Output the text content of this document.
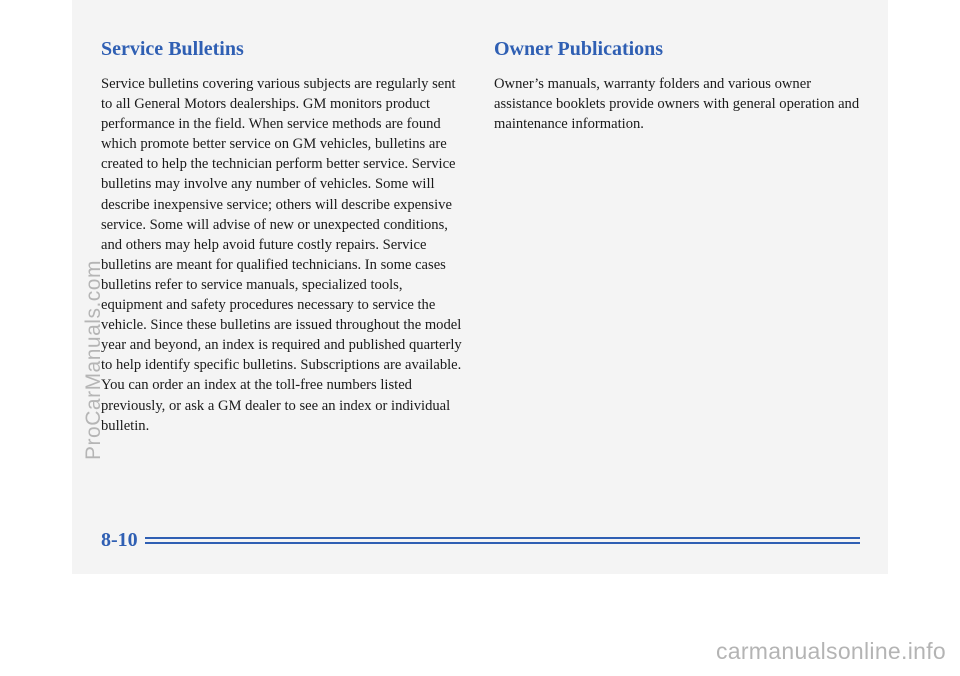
Service Bulletins

Service bulletins covering various subjects are regularly sent to all General Motors dealerships. GM monitors product performance in the field. When service methods are found which promote better service on GM vehicles, bulletins are created to help the technician perform better service. Service bulletins may involve any number of vehicles. Some will describe inexpensive service; others will describe expensive service. Some will advise of new or unexpected conditions, and others may help avoid future costly repairs. Service bulletins are meant for qualified technicians. In some cases bulletins refer to service manuals, specialized tools, equipment and safety procedures necessary to service the vehicle. Since these bulletins are issued throughout the model year and beyond, an index is required and published quarterly to help identify specific bulletins. Subscriptions are available. You can order an index at the toll-free numbers listed previously, or ask a GM dealer to see an index or individual bulletin.

Owner Publications

Owner’s manuals, warranty folders and various owner assistance booklets provide owners with general operation and maintenance information.

8-10
ProCarManuals.com
carmanualsonline.info
